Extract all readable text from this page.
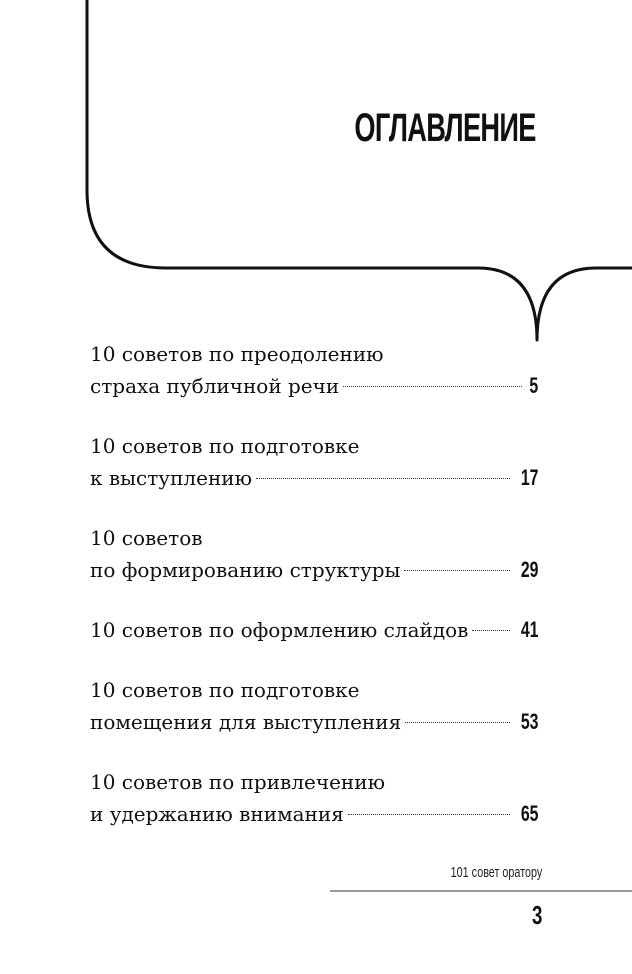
ОГЛАВЛЕНИЕ
10 советов по преодолению
страха публичной речи	5
10 советов по подготовке
к выступлению	17
10 советов
по формированию структуры	29
10 советов по оформлению слайдов 41
10 советов по подготовке
помещения для выступления	53
10 советов по привлечению
и удержанию внимания	65
101 совет оратору
3
